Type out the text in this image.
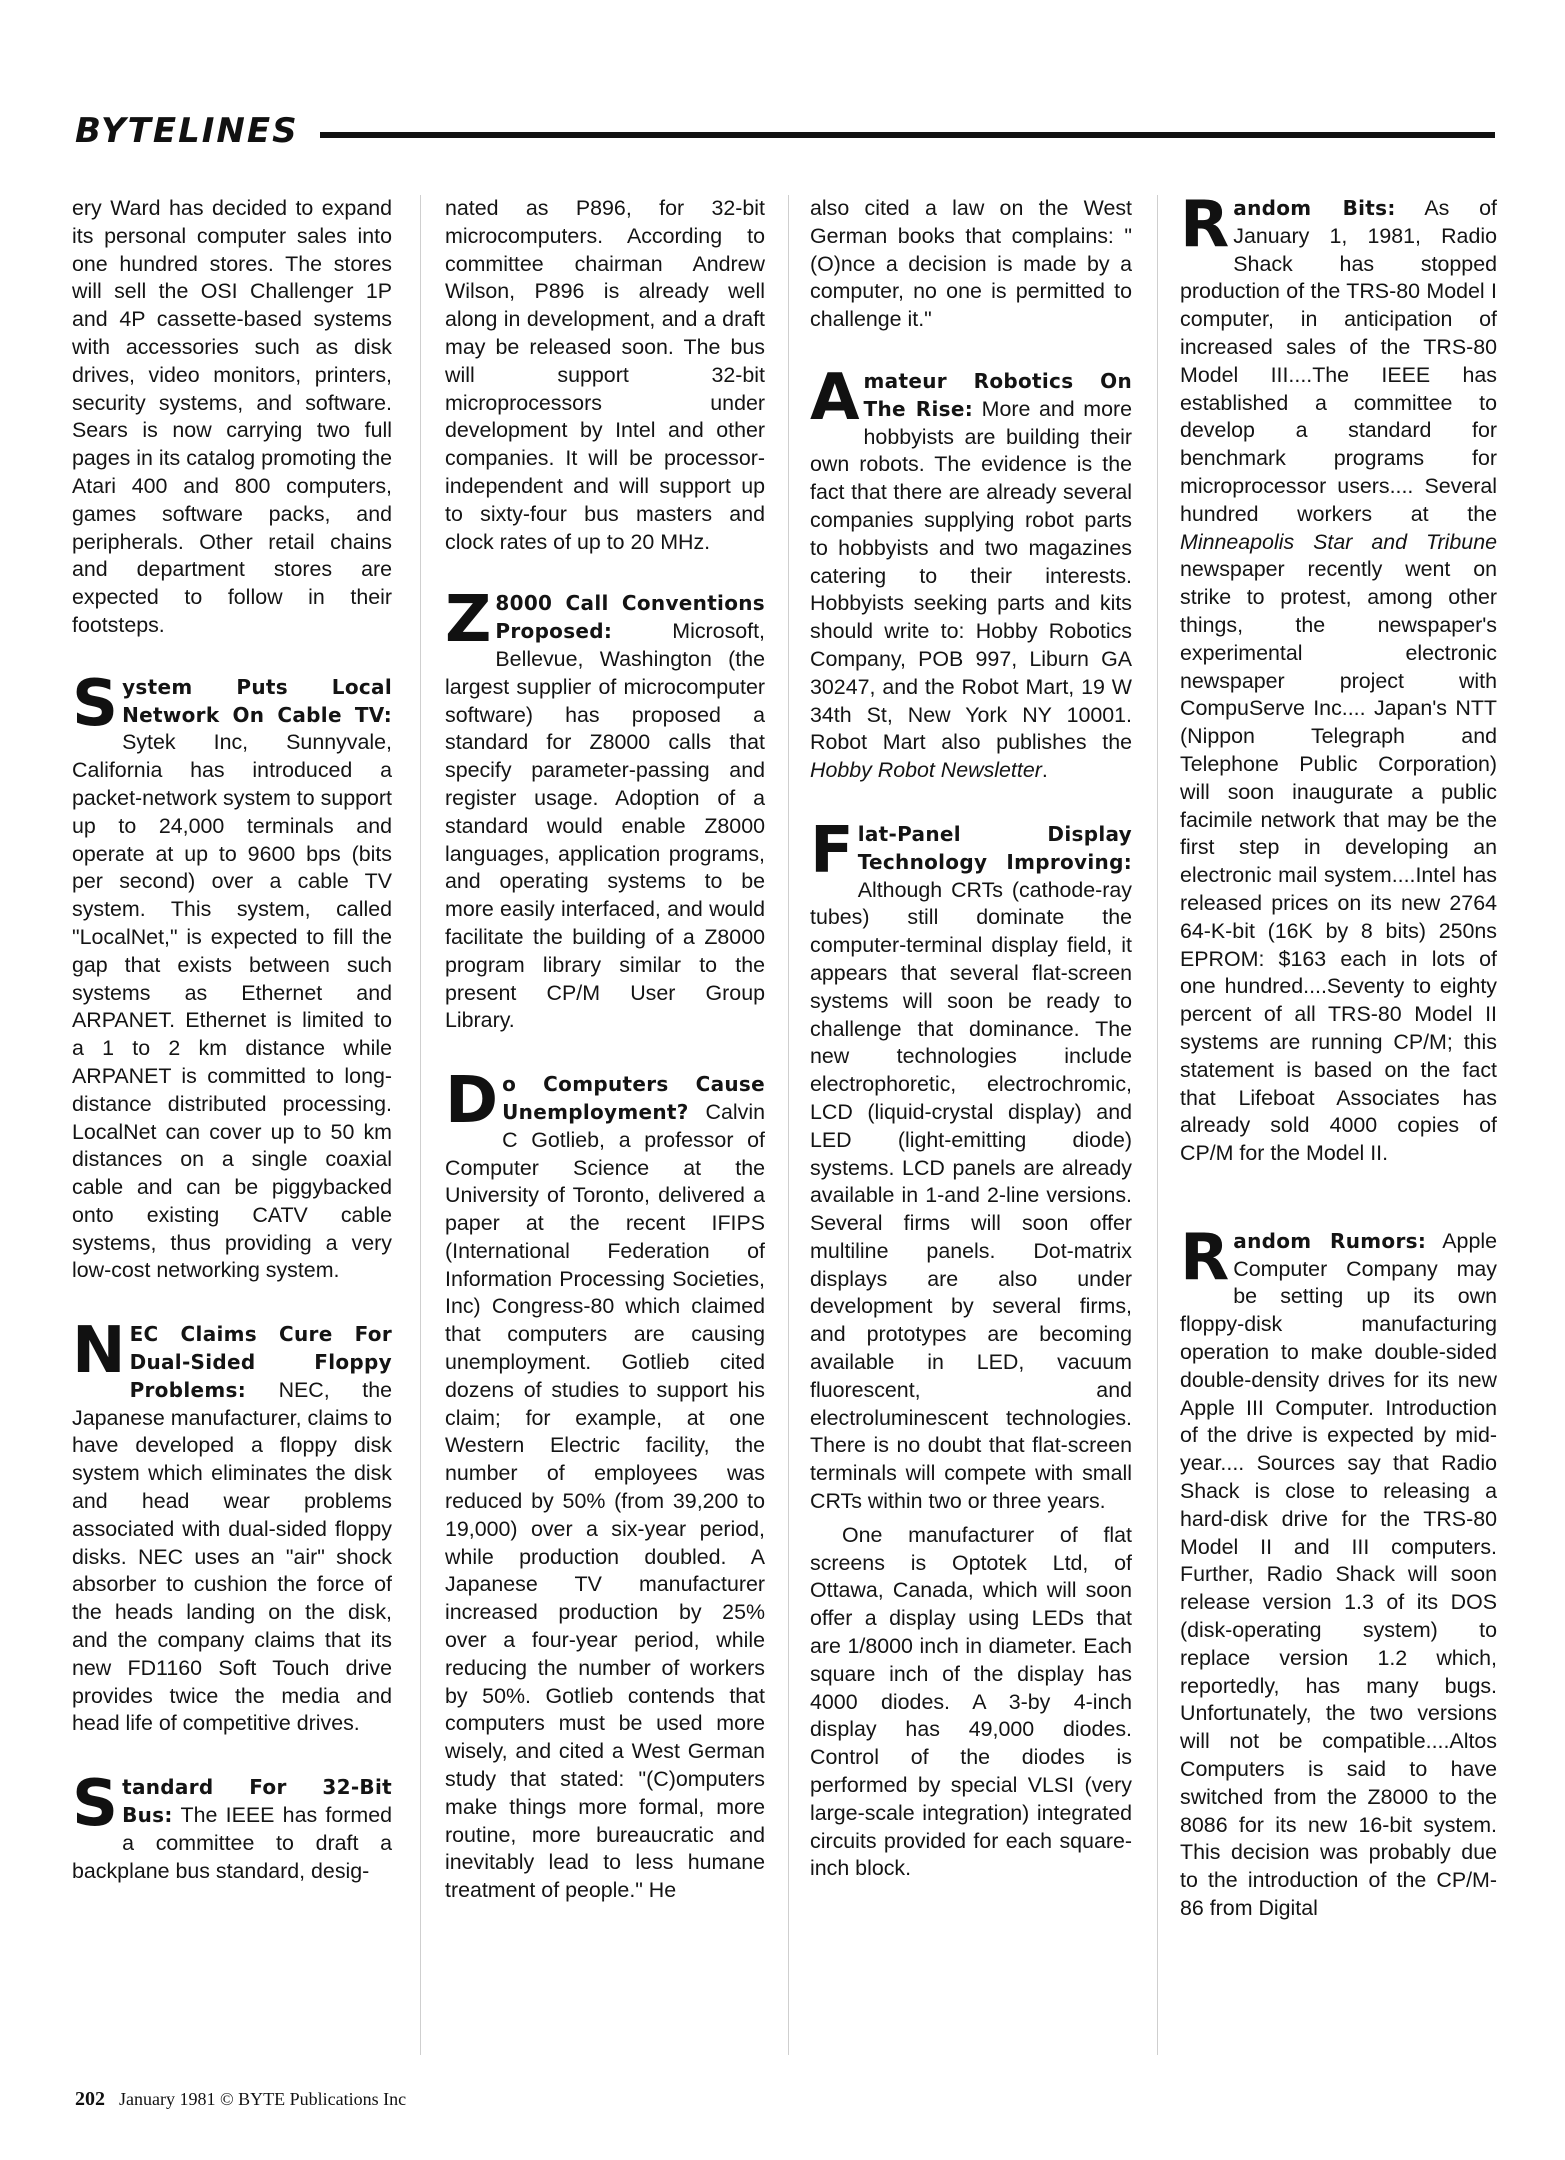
BYTELINES

ery Ward has decided to expand its personal computer sales into one hundred stores. The stores will sell the OSI Challenger 1P and 4P cassette-based systems with accessories such as disk drives, video monitors, printers, security systems, and software. Sears is now carrying two full pages in its catalog promoting the Atari 400 and 800 computers, games software packs, and peripherals. Other retail chains and department stores are expected to follow in their footsteps.

System Puts Local Network On Cable TV: Sytek Inc, Sunnyvale, California has introduced a packet-network system to support up to 24,000 terminals and operate at up to 9600 bps (bits per second) over a cable TV system. This system, called "LocalNet," is expected to fill the gap that exists between such systems as Ethernet and ARPANET. Ethernet is limited to a 1 to 2 km distance while ARPANET is committed to long-distance distributed processing. LocalNet can cover up to 50 km distances on a single coaxial cable and can be piggybacked onto existing CATV cable systems, thus providing a very low-cost networking system.

NEC Claims Cure For Dual-Sided Floppy Problems: NEC, the Japanese manufacturer, claims to have developed a floppy disk system which eliminates the disk and head wear problems associated with dual-sided floppy disks. NEC uses an "air" shock absorber to cushion the force of the heads landing on the disk, and the company claims that its new FD1160 Soft Touch drive provides twice the media and head life of competitive drives.

Standard For 32-Bit Bus: The IEEE has formed a committee to draft a backplane bus standard, desig-

nated as P896, for 32-bit microcomputers. According to committee chairman Andrew Wilson, P896 is already well along in development, and a draft may be released soon. The bus will support 32-bit microprocessors under development by Intel and other companies. It will be processor-independent and will support up to sixty-four bus masters and clock rates of up to 20 MHz.

Z 8000 Call Conventions Proposed: Microsoft, Bellevue, Washington (the largest supplier of microcomputer software) has proposed a standard for Z8000 calls that specify parameter-passing and register usage. Adoption of a standard would enable Z8000 languages, application programs, and operating systems to be more easily interfaced, and would facilitate the building of a Z8000 program library similar to the present CP/M User Group Library.

Do Computers Cause Unemployment? Calvin C Gotlieb, a professor of Computer Science at the University of Toronto, delivered a paper at the recent IFIPS (International Federation of Information Processing Societies, Inc) Congress-80 which claimed that computers are causing unemployment. Gotlieb cited dozens of studies to support his claim; for example, at one Western Electric facility, the number of employees was reduced by 50% (from 39,200 to 19,000) over a six-year period, while production doubled. A Japanese TV manufacturer increased production by 25% over a four-year period, while reducing the number of workers by 50%. Gotlieb contends that computers must be used more wisely, and cited a West German study that stated: "(C)omputers make things more formal, more routine, more bureaucratic and inevitably lead to less humane treatment of people." He

also cited a law on the West German books that complains: "(O)nce a decision is made by a computer, no one is permitted to challenge it."

Amateur Robotics On The Rise: More and more hobbyists are building their own robots. The evidence is the fact that there are already several companies supplying robot parts to hobbyists and two magazines catering to their interests. Hobbyists seeking parts and kits should write to: Hobby Robotics Company, POB 997, Liburn GA 30247, and the Robot Mart, 19 W 34th St, New York NY 10001. Robot Mart also publishes the Hobby Robot Newsletter.

Flat-Panel Display Technology Improving: Although CRTs (cathode-ray tubes) still dominate the computer-terminal display field, it appears that several flat-screen systems will soon be ready to challenge that dominance. The new technologies include electrophoretic, electrochromic, LCD (liquid-crystal display) and LED (light-emitting diode) systems. LCD panels are already available in 1-and 2-line versions. Several firms will soon offer multiline panels. Dot-matrix displays are also under development by several firms, and prototypes are becoming available in LED, vacuum fluorescent, and electroluminescent technologies. There is no doubt that flat-screen terminals will compete with small CRTs within two or three years.

One manufacturer of flat screens is Optotek Ltd, of Ottawa, Canada, which will soon offer a display using LEDs that are 1/8000 inch in diameter. Each square inch of the display has 4000 diodes. A 3-by 4-inch display has 49,000 diodes. Control of the diodes is performed by special VLSI (very large-scale integration) integrated circuits provided for each square-inch block.

Random Bits: As of January 1, 1981, Radio Shack has stopped production of the TRS-80 Model I computer, in anticipation of increased sales of the TRS-80 Model III....The IEEE has established a committee to develop a standard for benchmark programs for microprocessor users.... Several hundred workers at the Minneapolis Star and Tribune newspaper recently went on strike to protest, among other things, the newspaper's experimental electronic newspaper project with CompuServe Inc.... Japan's NTT (Nippon Telegraph and Telephone Public Corporation) will soon inaugurate a public facimile network that may be the first step in developing an electronic mail system....Intel has released prices on its new 2764 64-K-bit (16K by 8 bits) 250ns EPROM: $163 each in lots of one hundred....Seventy to eighty percent of all TRS-80 Model II systems are running CP/M; this statement is based on the fact that Lifeboat Associates has already sold 4000 copies of CP/M for the Model II.

Random Rumors: Apple Computer Company may be setting up its own floppy-disk manufacturing operation to make double-sided double-density drives for its new Apple III Computer. Introduction of the drive is expected by mid-year.... Sources say that Radio Shack is close to releasing a hard-disk drive for the TRS-80 Model II and III computers. Further, Radio Shack will soon release version 1.3 of its DOS (disk-operating system) to replace version 1.2 which, reportedly, has many bugs. Unfortunately, the two versions will not be compatible....Altos Computers is said to have switched from the Z8000 to the 8086 for its new 16-bit system. This decision was probably due to the introduction of the CP/M-86 from Digital

202 January 1981 © BYTE Publications Inc
